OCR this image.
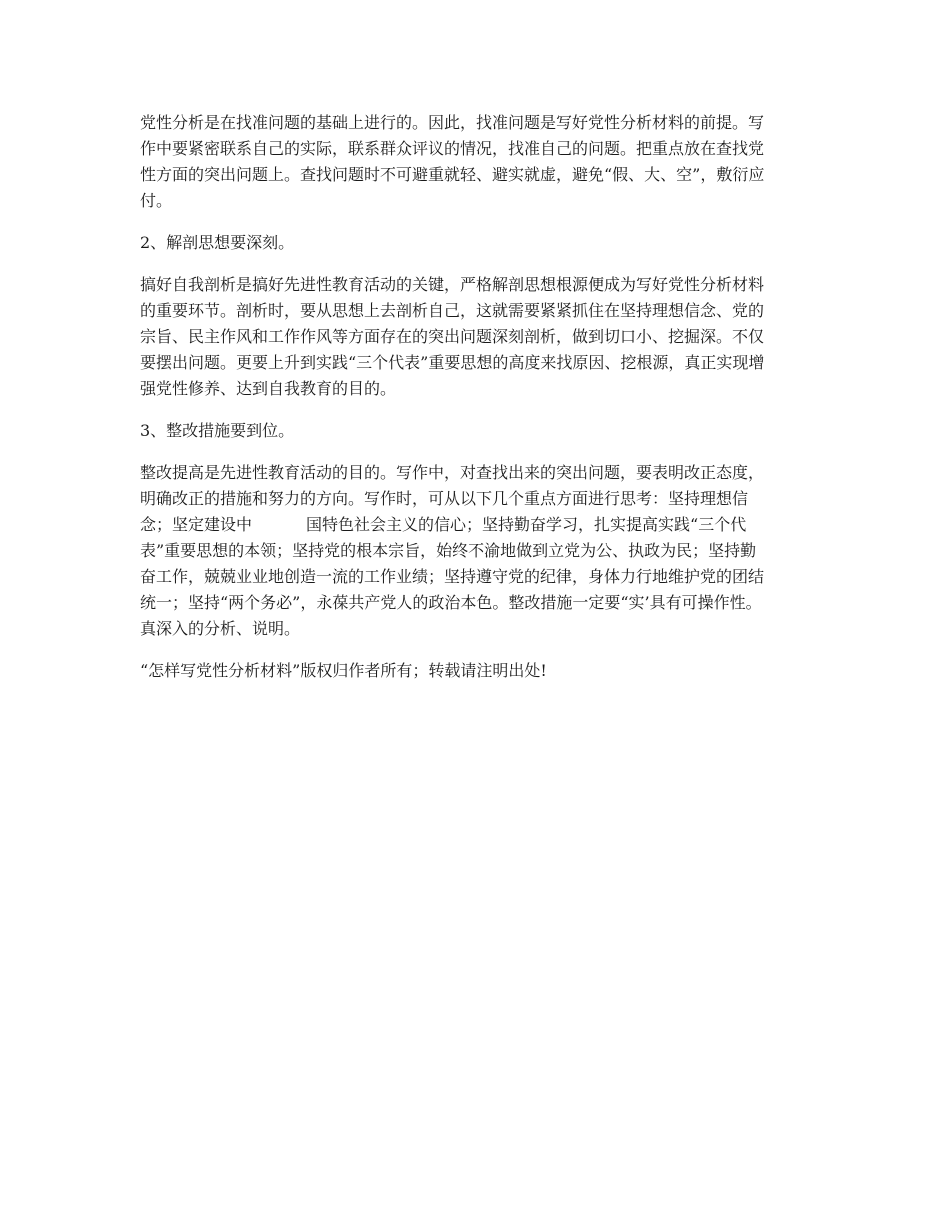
党性分析是在找准问题的基础上进行的。因此，找准问题是写好党性分析材料的前提。写
作中要紧密联系自己的实际，联系群众评议的情况，找准自己的问题。把重点放在查找党
性方面的突出问题上。查找问题时不可避重就轻、避实就虚，避免“假、大、空”，敷衍应
付。
2、解剖思想要深刻。
搞好自我剖析是搞好先进性教育活动的关键，严格解剖思想根源便成为写好党性分析材料
的重要环节。剖析时，要从思想上去剖析自己，这就需要紧紧抓住在坚持理想信念、党的
宗旨、民主作风和工作作风等方面存在的突出问题深刻剖析，做到切口小、挖掘深。不仅
要摆出问题。更要上升到实践“三个代表”重要思想的高度来找原因、挖根源，真正实现增
强党性修养、达到自我教育的目的。
3、整改措施要到位。
整改提高是先进性教育活动的目的。写作中，对查找出来的突出问题，要表明改正态度，
明确改正的措施和努力的方向。写作时，可从以下几个重点方面进行思考：坚持理想信
念；坚定建设中	国特色社会主义的信心；坚持勤奋学习，扎实提高实践“三个代
表”重要思想的本领；坚持党的根本宗旨，始终不渝地做到立党为公、执政为民；坚持勤
奋工作，兢兢业业地创造一流的工作业绩；坚持遵守党的纪律，身体力行地维护党的团结
统一；坚持“两个务必”，永葆共产党人的政治本色。整改措施一定要“实’具有可操作性。
真深入的分析、说明。
“怎样写党性分析材料”版权归作者所有；转载请注明出处!
